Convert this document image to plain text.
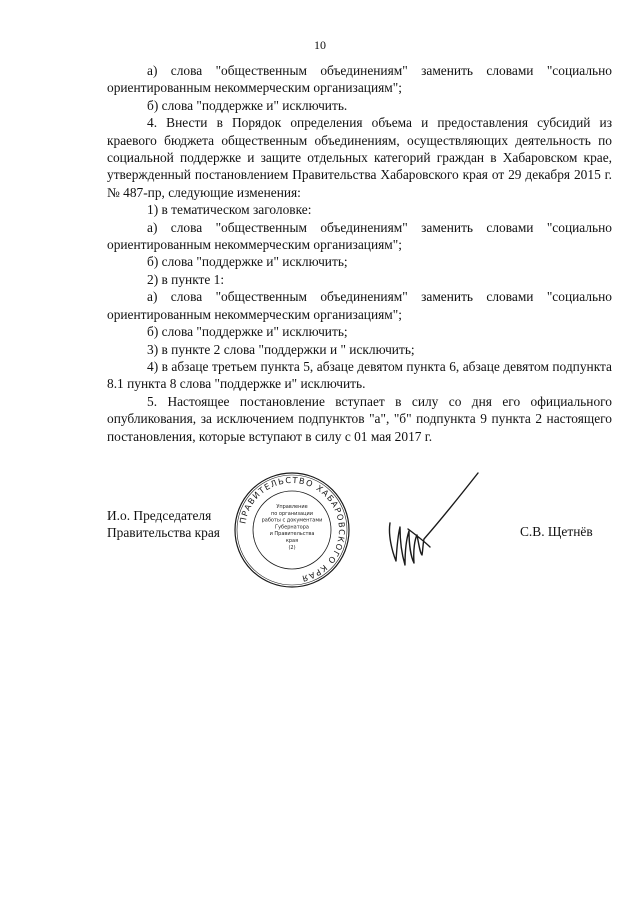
10

а) слова "общественным объединениям" заменить словами "социально ориентированным некоммерческим организациям";

б) слова "поддержке и" исключить.

4. Внести в Порядок определения объема и предоставления субсидий из краевого бюджета общественным объединениям, осуществляющих деятельность по социальной поддержке и защите отдельных категорий граждан в Хабаровском крае, утвержденный постановлением Правительства Хабаровского края от 29 декабря 2015 г. № 487-пр, следующие изменения:

1) в тематическом заголовке:

а) слова "общественным объединениям" заменить словами "социально ориентированным некоммерческим организациям";

б) слова "поддержке и" исключить;

2) в пункте 1:

а) слова "общественным объединениям" заменить словами "социально ориентированным некоммерческим организациям";

б) слова "поддержке и" исключить;

3) в пункте 2 слова "поддержки и " исключить;

4) в абзаце третьем пункта 5, абзаце девятом пункта 6, абзаце девятом подпункта 8.1 пункта 8 слова "поддержке и" исключить.

5. Настоящее постановление вступает в силу со дня его официального опубликования, за исключением подпунктов "а", "б" подпункта 9 пункта 2 настоящего постановления, которые вступают в силу с 01 мая 2017 г.

И.о. Председателя
Правительства края
ПРАВИТЕЛЬСТВО ХАБАРОВСКОГО КРАЯ
Управление
по организации
работы с документами
Губернатора
и Правительства
края
(2)
С.В. Щетнёв
